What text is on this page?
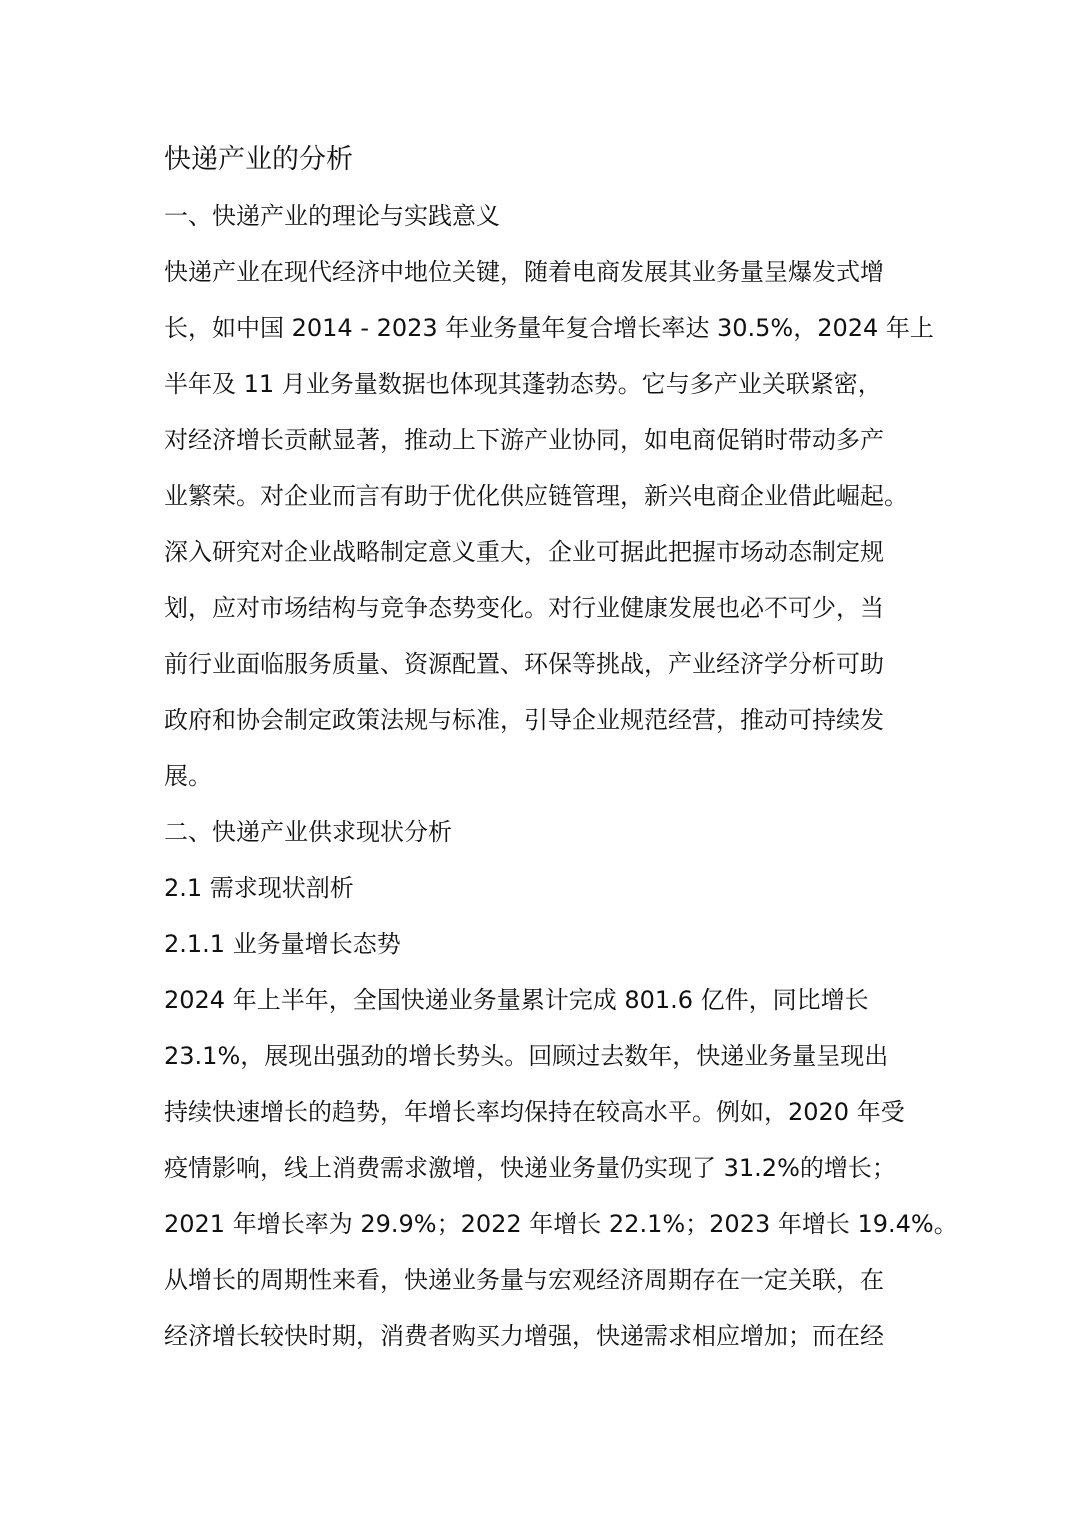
快递产业的分析
一、快递产业的理论与实践意义
快递产业在现代经济中地位关键，随着电商发展其业务量呈爆发式增
长，如中国 2014 - 2023 年业务量年复合增长率达 30.5%，2024 年上
半年及 11 月业务量数据也体现其蓬勃态势。它与多产业关联紧密，
对经济增长贡献显著，推动上下游产业协同，如电商促销时带动多产
业繁荣。对企业而言有助于优化供应链管理，新兴电商企业借此崛起。
深入研究对企业战略制定意义重大，企业可据此把握市场动态制定规
划，应对市场结构与竞争态势变化。对行业健康发展也必不可少，当
前行业面临服务质量、资源配置、环保等挑战，产业经济学分析可助
政府和协会制定政策法规与标准，引导企业规范经营，推动可持续发
展。
二、快递产业供求现状分析
2.1 需求现状剖析
2.1.1 业务量增长态势
2024 年上半年，全国快递业务量累计完成 801.6 亿件，同比增长
23.1%，展现出强劲的增长势头。回顾过去数年，快递业务量呈现出
持续快速增长的趋势，年增长率均保持在较高水平。例如，2020 年受
疫情影响，线上消费需求激增，快递业务量仍实现了 31.2%的增长；
2021 年增长率为 29.9%；2022 年增长 22.1%；2023 年增长 19.4%。
从增长的周期性来看，快递业务量与宏观经济周期存在一定关联，在
经济增长较快时期，消费者购买力增强，快递需求相应增加；而在经
